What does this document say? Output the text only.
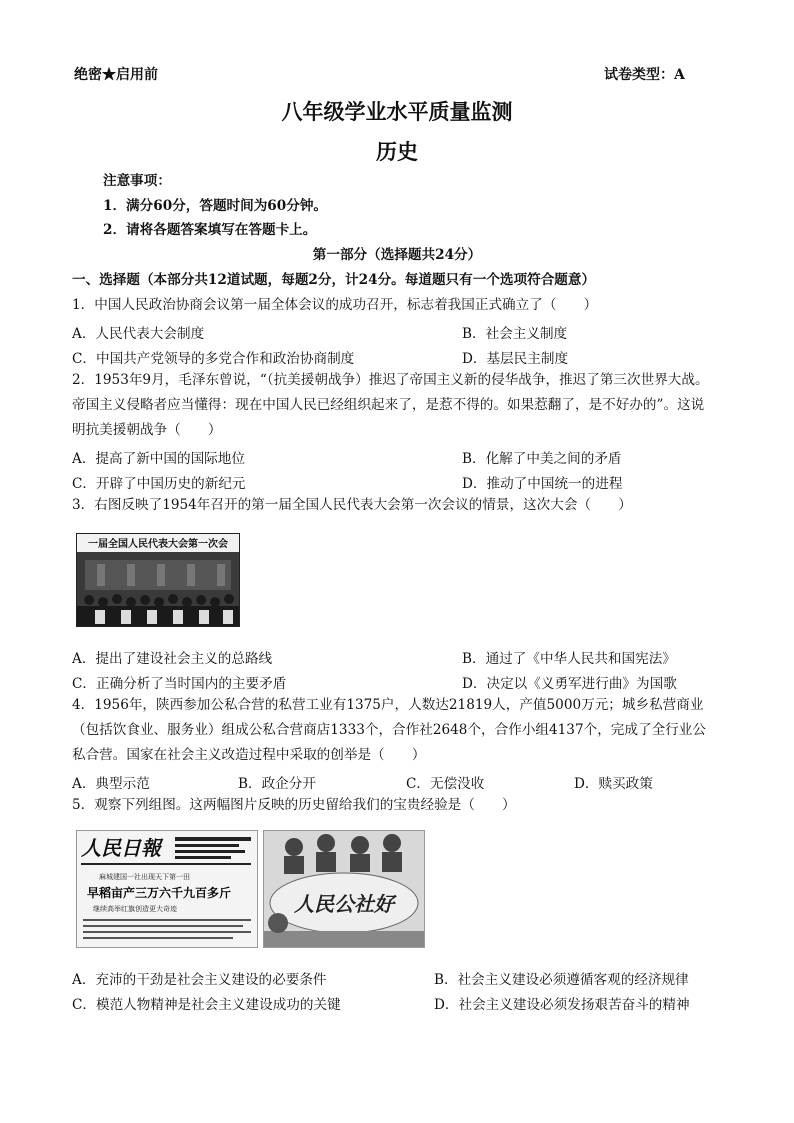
绝密★启用前	试卷类型：A
八年级学业水平质量监测
历史
注意事项：
1．满分60分，答题时间为60分钟。
2．请将各题答案填写在答题卡上。
第一部分（选择题共24分）
一、选择题（本部分共12道试题，每题2分，计24分。每道题只有一个选项符合题意）
1．中国人民政治协商会议第一届全体会议的成功召开，标志着我国正式确立了（　　）
A．人民代表大会制度	B．社会主义制度
C．中国共产党领导的多党合作和政治协商制度	D．基层民主制度
2．1953年9月，毛泽东曾说，“（抗美援朝战争）推迟了帝国主义新的侵华战争，推迟了第三次世界大战。
帝国主义侵略者应当懂得：现在中国人民已经组织起来了，是惹不得的。如果惹翻了，是不好办的”。这说
明抗美援朝战争（　　）
A．提高了新中国的国际地位	B．化解了中美之间的矛盾
C．开辟了中国历史的新纪元	D．推动了中国统一的进程
3．右图反映了1954年召开的第一届全国人民代表大会第一次会议的情景，这次大会（　　）
一届全国人民代表大会第一次会
A．提出了建设社会主义的总路线	B．通过了《中华人民共和国宪法》
C．正确分析了当时国内的主要矛盾	D．决定以《义勇军进行曲》为国歌
4．1956年，陕西参加公私合营的私营工业有1375户，人数达21819人，产值5000万元；城乡私营商业
（包括饮食业、服务业）组成公私合营商店1333个，合作社2648个，合作小组4137个，完成了全行业公
私合营。国家在社会主义改造过程中采取的创举是（　　）
A．典型示范	B．政企分开	C．无偿没收	D．赎买政策
5．观察下列组图。这两幅图片反映的历史留给我们的宝贵经验是（　　）
人民日報
麻城建国一社出现天下第一田
早稻亩产三万六千九百多斤
继续高举红旗创造更大奇迹	人民公社好
A．充沛的干劲是社会主义建设的必要条件	B．社会主义建设必须遵循客观的经济规律
C．模范人物精神是社会主义建设成功的关键	D．社会主义建设必须发扬艰苦奋斗的精神
